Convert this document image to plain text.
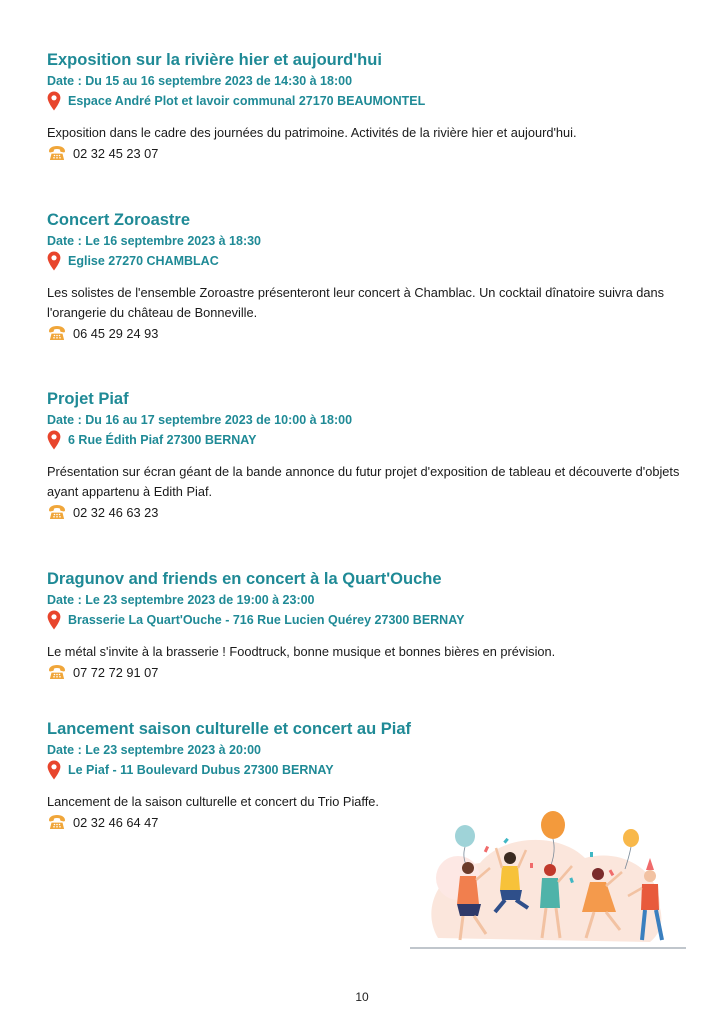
Exposition sur la rivière hier et aujourd'hui
Date : Du 15 au 16 septembre 2023 de 14:30 à 18:00
Espace André Plot et lavoir communal 27170 BEAUMONTEL
Exposition dans le cadre des journées du patrimoine. Activités de la rivière hier et aujourd'hui.
02 32 45 23 07
Concert Zoroastre
Date : Le 16 septembre 2023 à 18:30
Eglise 27270 CHAMBLAC
Les solistes de l'ensemble Zoroastre présenteront leur concert à Chamblac. Un cocktail dînatoire suivra dans l'orangerie du château de Bonneville.
06 45 29 24 93
Projet Piaf
Date : Du 16 au 17 septembre 2023 de 10:00 à 18:00
6 Rue Édith Piaf 27300 BERNAY
Présentation sur écran géant de la bande annonce du futur projet d'exposition de tableau et découverte d'objets ayant appartenu à Edith Piaf.
02 32 46 63 23
Dragunov and friends en concert à la Quart'Ouche
Date : Le 23 septembre 2023 de 19:00 à 23:00
Brasserie La Quart'Ouche - 716 Rue Lucien Quérey 27300 BERNAY
Le métal s'invite à la brasserie ! Foodtruck, bonne musique et bonnes bières en prévision.
07 72 72 91 07
Lancement saison culturelle et concert au Piaf
Date : Le 23 septembre 2023 à 20:00
Le Piaf - 11 Boulevard Dubus 27300 BERNAY
Lancement de la saison culturelle et concert du Trio Piaffe.
02 32 46 64 47
10
